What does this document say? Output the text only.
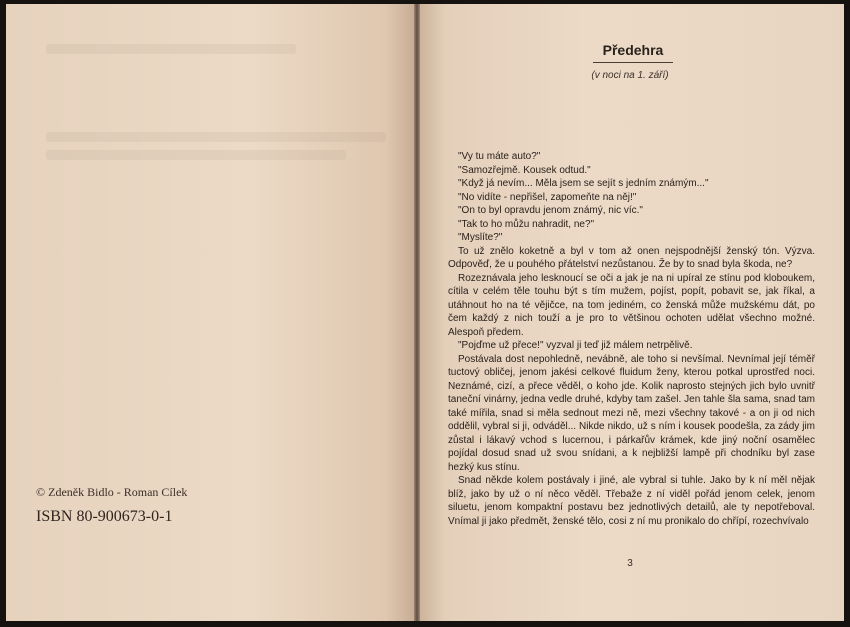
© Zdeněk Bidlo - Roman Cílek

ISBN 80-900673-0-1

Předehra

(v noci na 1. září)

"Vy tu máte auto?"

"Samozřejmě. Kousek odtud."

"Když já nevím... Měla jsem se sejít s jedním známým..."

"No vidíte - nepřišel, zapomeňte na něj!"

"On to byl opravdu jenom známý, nic víc."

"Tak to ho můžu nahradit, ne?"

"Myslíte?"

To už znělo koketně a byl v tom až onen nejspodnější ženský tón. Výzva. Odpověď, že u pouhého přátelství nezůstanou. Že by to snad byla škoda, ne?

Rozeznávala jeho lesknoucí se oči a jak je na ni upíral ze stínu pod kloboukem, cítila v celém těle touhu být s tím mužem, pojíst, popít, pobavit se, jak říkal, a utáhnout ho na té vějičce, na tom jediném, co ženská může mužskému dát, po čem každý z nich touží a je pro to většinou ochoten udělat všechno možné. Alespoň předem.

"Pojďme už přece!" vyzval ji teď již málem netrpělivě.

Postávala dost nepohledně, nevábně, ale toho si nevšímal. Nevnímal její téměř tuctový obličej, jenom jakési celkové fluidum ženy, kterou potkal uprostřed noci. Neznámé, cizí, a přece věděl, o koho jde. Kolik naprosto stejných jich bylo uvnitř taneční vinárny, jedna vedle druhé, kdyby tam zašel. Jen tahle šla sama, snad tam také mířila, snad si měla sednout mezi ně, mezi všechny takové - a on ji od nich oddělil, vybral si ji, odváděl... Nikde nikdo, už s ním i kousek poodešla, za zády jim zůstal i lákavý vchod s lucernou, i párkařův krámek, kde jiný noční osamělec pojídal dosud snad už svou snídani, a k nejbližší lampě při chodníku byl zase hezký kus stínu.

Snad někde kolem postávaly i jiné, ale vybral si tuhle. Jako by k ní měl nějak blíž, jako by už o ní něco věděl. Třebaže z ní viděl pořád jenom celek, jenom siluetu, jenom kompaktní postavu bez jednotlivých detailů, ale ty nepotřeboval. Vnímal ji jako předmět, ženské tělo, cosi z ní mu pronikalo do chřípí, rozechvívalo

3
